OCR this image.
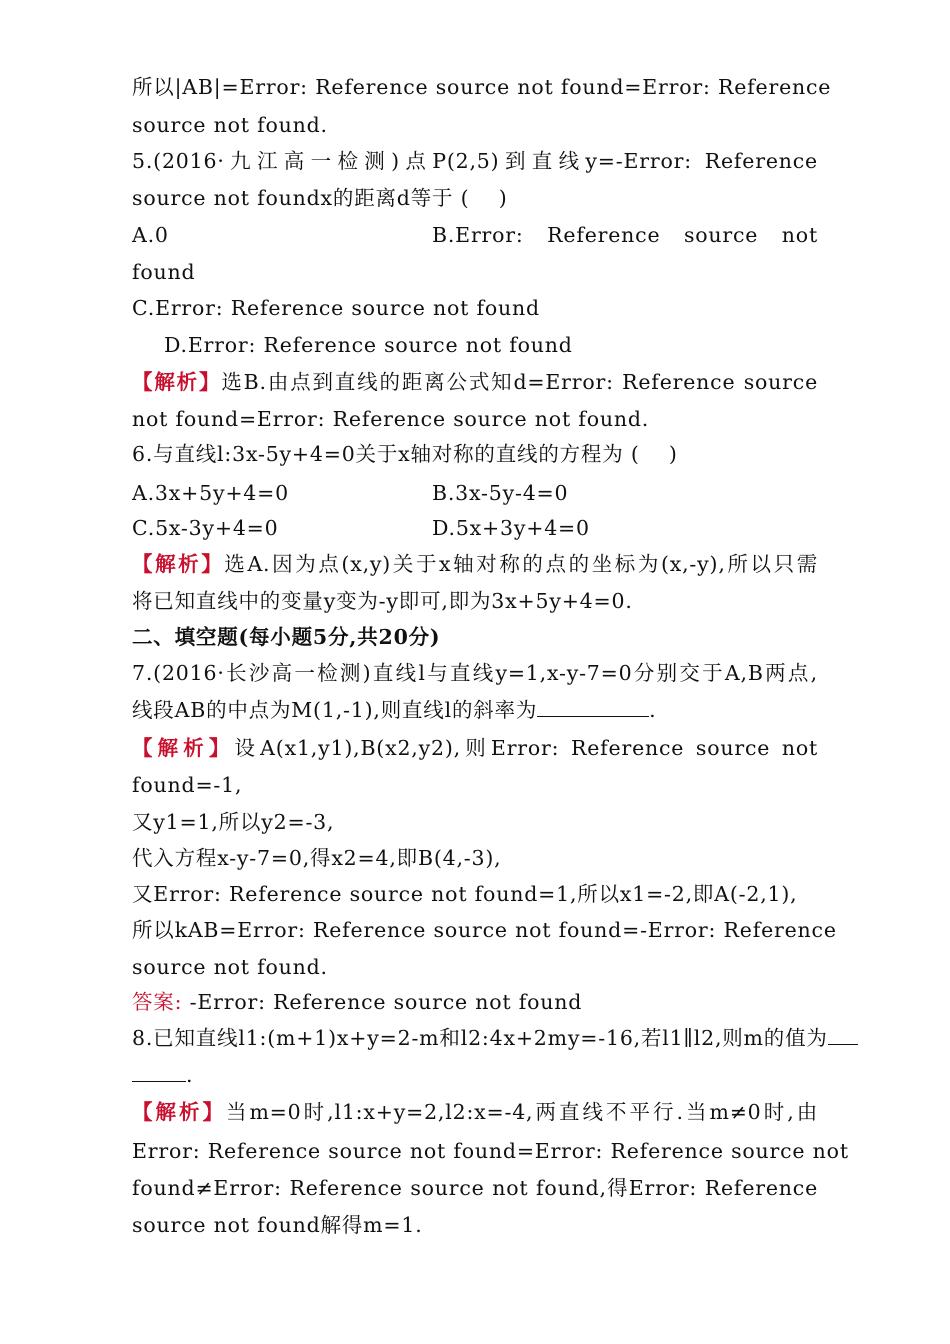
所以|AB|=Error: Reference source not found=Error: Reference
source not found.
5.(2016·九江高一检测)点P(2,5)到直线y=-Error: Reference
source not foundx的距离d等于 (    )
A.0	B.Error: Reference source not
found
C.Error: Reference source not found
D.Error: Reference source not found
【解析】选B.由点到直线的距离公式知d=Error: Reference source
not found=Error: Reference source not found.
6.与直线l:3x-5y+4=0关于x轴对称的直线的方程为 (    )
A.3x+5y+4=0	B.3x-5y-4=0
C.5x-3y+4=0	D.5x+3y+4=0
【解析】选A.因为点(x,y)关于x轴对称的点的坐标为(x,-y),所以只需
将已知直线中的变量y变为-y即可,即为3x+5y+4=0.
二、填空题(每小题5分,共20分)
7.(2016·长沙高一检测)直线l与直线y=1,x-y-7=0分别交于A,B两点,
线段AB的中点为M(1,-1),则直线l的斜率为	.
【解析】设A(x1,y1),B(x2,y2),则Error: Reference source not
found=-1,
又y1=1,所以y2=-3,
代入方程x-y-7=0,得x2=4,即B(4,-3),
又Error: Reference source not found=1,所以x1=-2,即A(-2,1),
所以kAB=Error: Reference source not found=-Error: Reference
source not found.
答案: -Error: Reference source not found
8.已知直线l1:(m+1)x+y=2-m和l2:4x+2my=-16,若l1∥l2,则m的值为
.
【解析】当m=0时,l1:x+y=2,l2:x=-4,两直线不平行.当m≠0时,由
Error: Reference source not found=Error: Reference source not
found≠Error: Reference source not found,得Error: Reference
source not found解得m=1.
